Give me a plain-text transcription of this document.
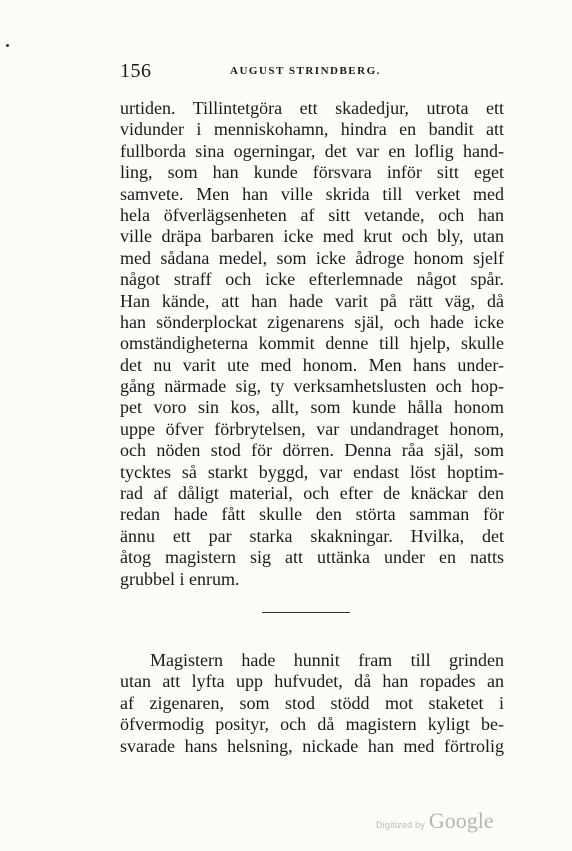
156	AUGUST STRINDBERG.
urtiden. Tillintetgöra ett skadedjur, utrota ett
vidunder i menniskohamn, hindra en bandit att
fullborda sina ogerningar, det var en loflig hand-
ling, som han kunde försvara inför sitt eget
samvete. Men han ville skrida till verket med
hela öfverlägsenheten af sitt vetande, och han
ville dräpa barbaren icke med krut och bly, utan
med sådana medel, som icke ådroge honom sjelf
något straff och icke efterlemnade något spår.
Han kände, att han hade varit på rätt väg, då
han sönderplockat zigenarens själ, och hade icke
omständigheterna kommit denne till hjelp, skulle
det nu varit ute med honom. Men hans under-
gång närmade sig, ty verksamhetslusten och hop-
pet voro sin kos, allt, som kunde hålla honom
uppe öfver förbrytelsen, var undandraget honom,
och nöden stod för dörren. Denna råa själ, som
tycktes så starkt byggd, var endast löst hoptim-
rad af dåligt material, och efter de knäckar den
redan hade fått skulle den störta samman för
ännu ett par starka skakningar. Hvilka, det
åtog magistern sig att uttänka under en natts
grubbel i enrum.
Magistern hade hunnit fram till grinden
utan att lyfta upp hufvudet, då han ropades an
af zigenaren, som stod stödd mot staketet i
öfvermodig posityr, och då magistern kyligt be-
svarade hans helsning, nickade han med förtrolig
Digitized by Google
